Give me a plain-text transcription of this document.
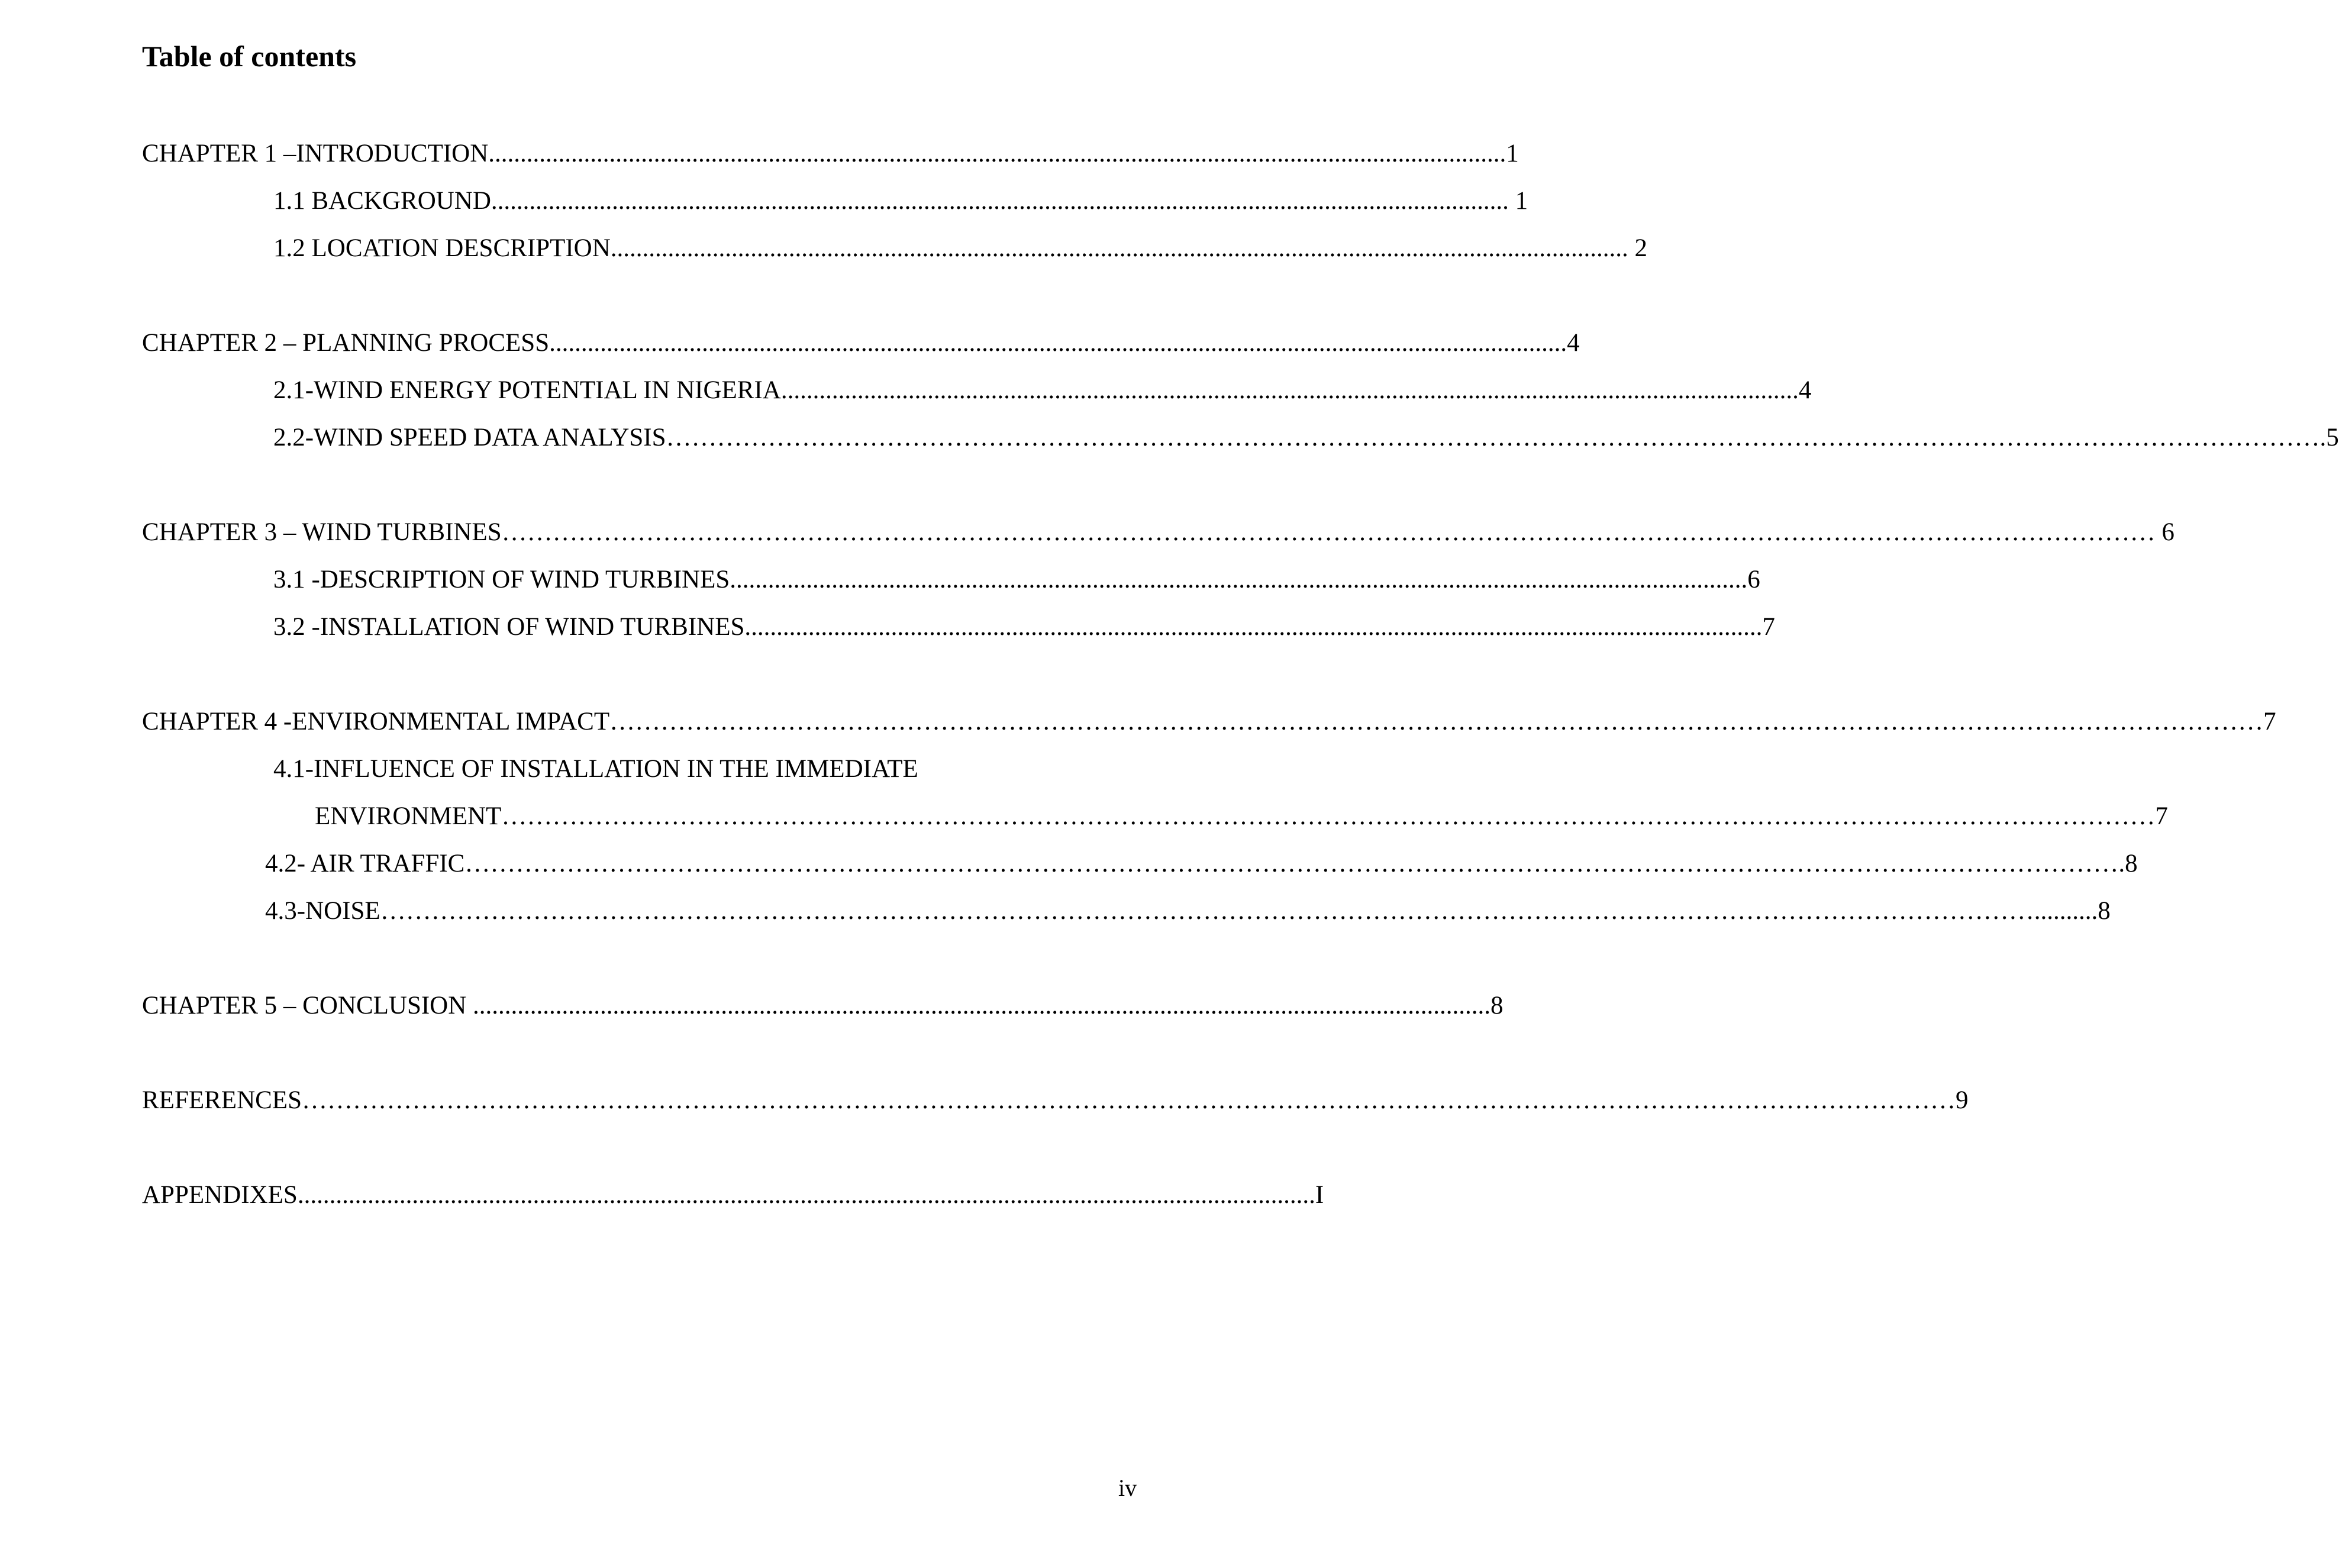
Table of contents
CHAPTER 1 –INTRODUCTION ................................................................................................................................................................ 1
1.1 BACKGROUND ................................................................................................................................................................ 1
1.2 LOCATION DESCRIPTION ................................................................................................................................................................ 2
CHAPTER 2 – PLANNING PROCESS ................................................................................................................................................................ 4
2.1-WIND ENERGY POTENTIAL IN NIGERIA ................................................................................................................................................................ 4
2.2-WIND SPEED DATA ANALYSIS …………………………………………………………………………………………………………………………………………………………………………… .5
CHAPTER 3 – WIND TURBINES …………………………………………………………………………………………………………………………………………………………………………… 6
3.1 -DESCRIPTION OF WIND TURBINES ................................................................................................................................................................ 6
3.2 -INSTALLATION OF WIND TURBINES ................................................................................................................................................................ 7
CHAPTER 4 -ENVIRONMENTAL IMPACT …………………………………………………………………………………………………………………………………………………………………………… 7
4.1-INFLUENCE OF INSTALLATION IN THE IMMEDIATE
ENVIRONMENT …………………………………………………………………………………………………………………………………………………………………………… 7
4.2- AIR TRAFFIC …………………………………………………………………………………………………………………………………………………………………………… .8
4.3-NOISE …………………………………………………………………………………………………………………………………………………………………………… ..........8
CHAPTER 5 – CONCLUSION ................................................................................................................................................................ 8
REFERENCES …………………………………………………………………………………………………………………………………………………………………………… 9
APPENDIXES ................................................................................................................................................................ I
iv
